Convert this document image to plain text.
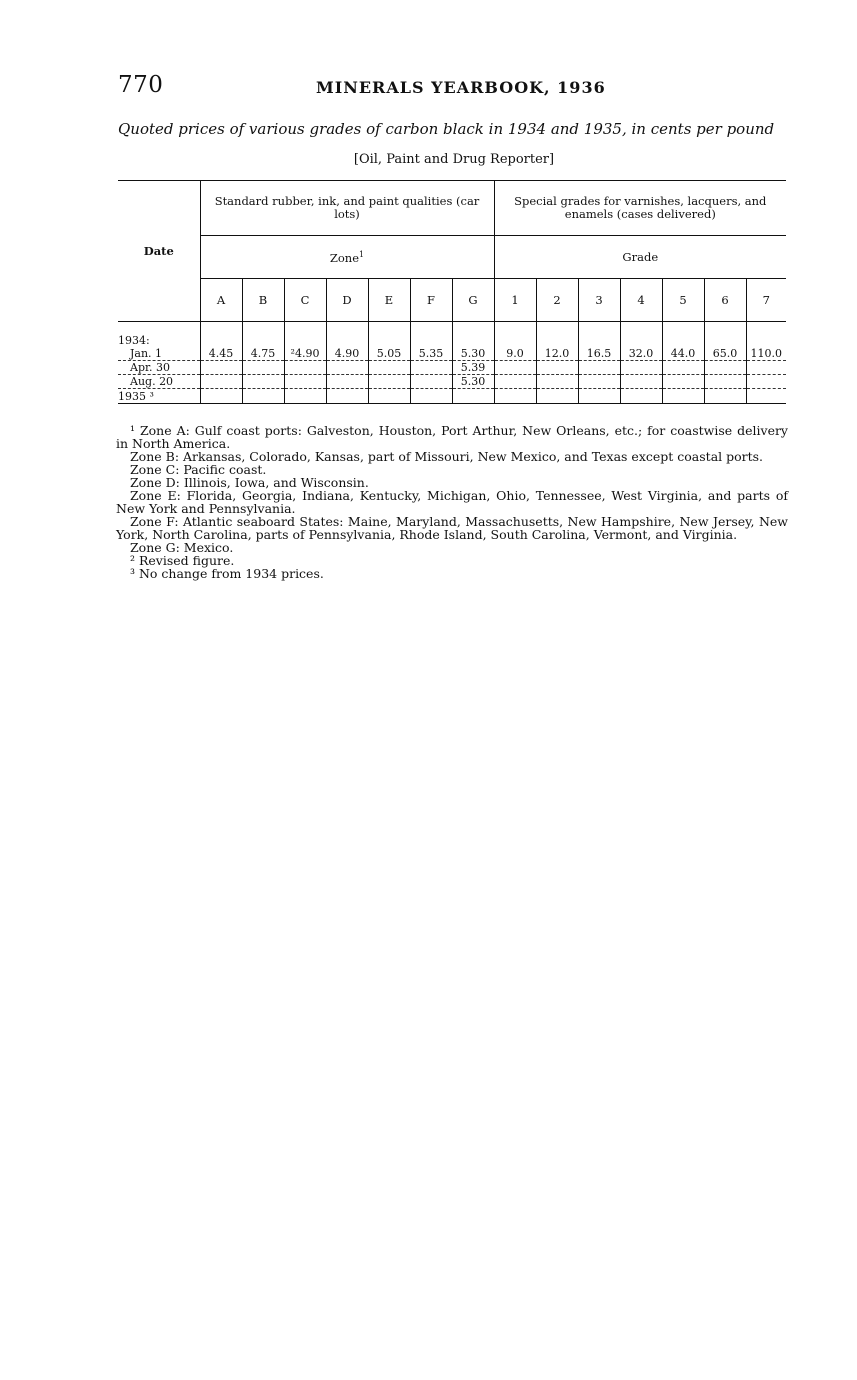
770	MINERALS YEARBOOK, 1936
Quoted prices of various grades of carbon black in 1934 and 1935, in cents per pound
[Oil, Paint and Drug Reporter]
Date	Standard rubber, ink, and paint qualities (car lots)							Special grades for varnishes, lacquers, and enamels (cases delivered)						
	Zone$^1$							Grade						
	A	B	C	D	E	F	G	1	2	3	4	5	6	7

1934:														
Jan. 1	4.45	4.75	²4.90	4.90	5.05	5.35	5.30	9.0	12.0	16.5	32.0	44.0	65.0	110.0
Apr. 30							5.39							
Aug. 20							5.30							
1935 ³														

¹ Zone A: Gulf coast ports: Galveston, Houston, Port Arthur, New Orleans, etc.; for coastwise delivery in North America.

Zone B: Arkansas, Colorado, Kansas, part of Missouri, New Mexico, and Texas except coastal ports.

Zone C: Pacific coast.

Zone D: Illinois, Iowa, and Wisconsin.

Zone E: Florida, Georgia, Indiana, Kentucky, Michigan, Ohio, Tennessee, West Virginia, and parts of New York and Pennsylvania.

Zone F: Atlantic seaboard States: Maine, Maryland, Massachusetts, New Hampshire, New Jersey, New York, North Carolina, parts of Pennsylvania, Rhode Island, South Carolina, Vermont, and Virginia.

Zone G: Mexico.

² Revised figure.

³ No change from 1934 prices.
